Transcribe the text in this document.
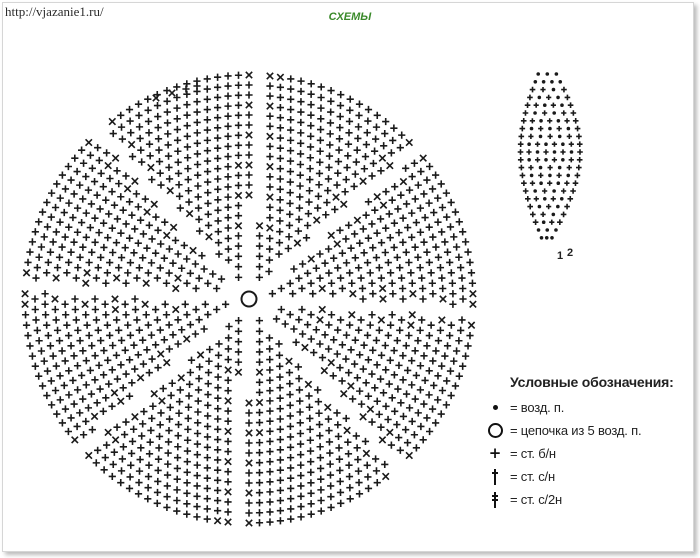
http://vjazanie1.ru/	СХЕМЫ
1 2
Условные обозначения:
= возд. п.
= цепочка из 5 возд. п.
+ = ст. б/н
= ст. с/н
= ст. с/2н
